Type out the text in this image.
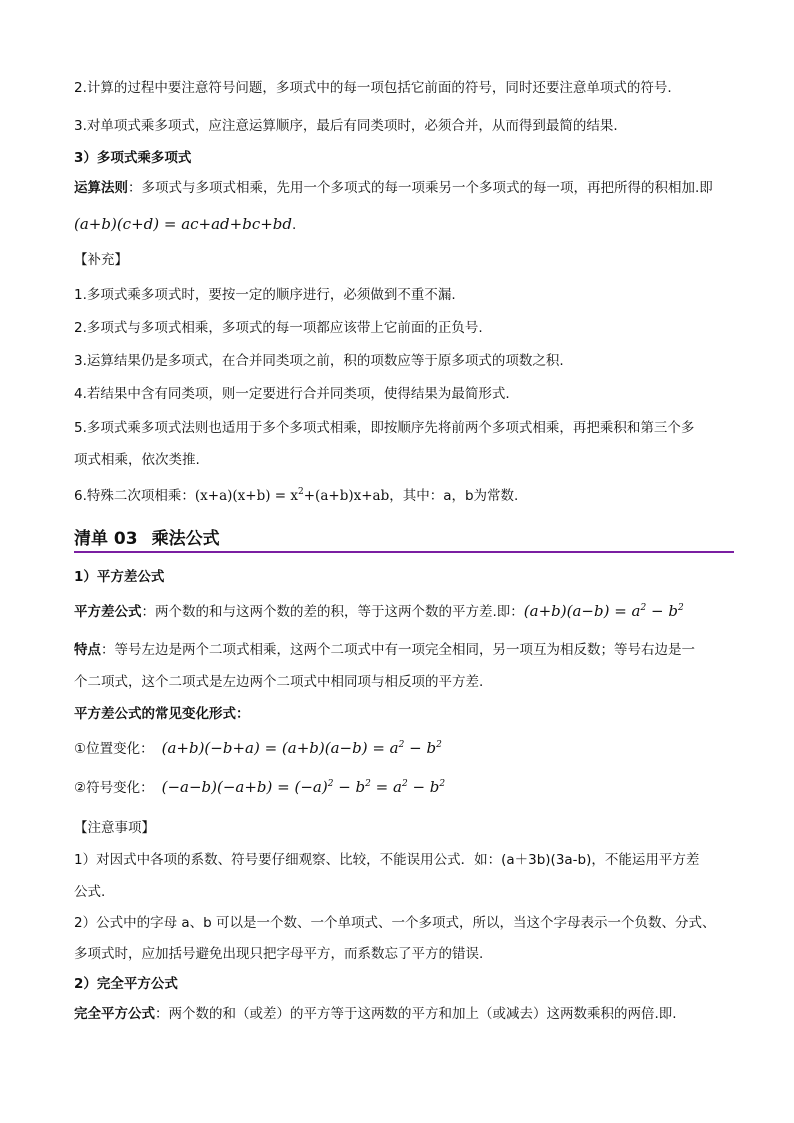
2.计算的过程中要注意符号问题，多项式中的每一项包括它前面的符号，同时还要注意单项式的符号.
3.对单项式乘多项式，应注意运算顺序，最后有同类项时，必须合并，从而得到最简的结果.
3）多项式乘多项式
运算法则：多项式与多项式相乘，先用一个多项式的每一项乘另一个多项式的每一项，再把所得的积相加.即
(a+b)(c+d) = ac+ad+bc+bd.
【补充】
1.多项式乘多项式时，要按一定的顺序进行，必须做到不重不漏.
2.多项式与多项式相乘，多项式的每一项都应该带上它前面的正负号.
3.运算结果仍是多项式，在合并同类项之前，积的项数应等于原多项式的项数之积.
4.若结果中含有同类项，则一定要进行合并同类项，使得结果为最简形式.
5.多项式乘多项式法则也适用于多个多项式相乘，即按顺序先将前两个多项式相乘，再把乘积和第三个多
项式相乘，依次类推.
6.特殊二次项相乘：$(x+a)(x+b) = x^2+(a+b)x+ab$，其中：a，b为常数.
清单 03 乘法公式
1）平方差公式
平方差公式：两个数的和与这两个数的差的积，等于这两个数的平方差.即：$(a+b)(a-b) = a^2 - b^2$
特点：等号左边是两个二项式相乘，这两个二项式中有一项完全相同，另一项互为相反数；等号右边是一
个二项式，这个二项式是左边两个二项式中相同项与相反项的平方差.
平方差公式的常见变化形式：
①位置变化： $(a+b)(-b+a) = (a+b)(a-b) = a^2 - b^2$
②符号变化： $(-a-b)(-a+b) = (-a)^2 - b^2 = a^2 - b^2$
【注意事项】
1）对因式中各项的系数、符号要仔细观察、比较，不能误用公式．如：(a＋3b)(3a-b)，不能运用平方差
公式.
2）公式中的字母 a、b 可以是一个数、一个单项式、一个多项式，所以，当这个字母表示一个负数、分式、
多项式时，应加括号避免出现只把字母平方，而系数忘了平方的错误.
2）完全平方公式
完全平方公式：两个数的和（或差）的平方等于这两数的平方和加上（或减去）这两数乘积的两倍.即.
